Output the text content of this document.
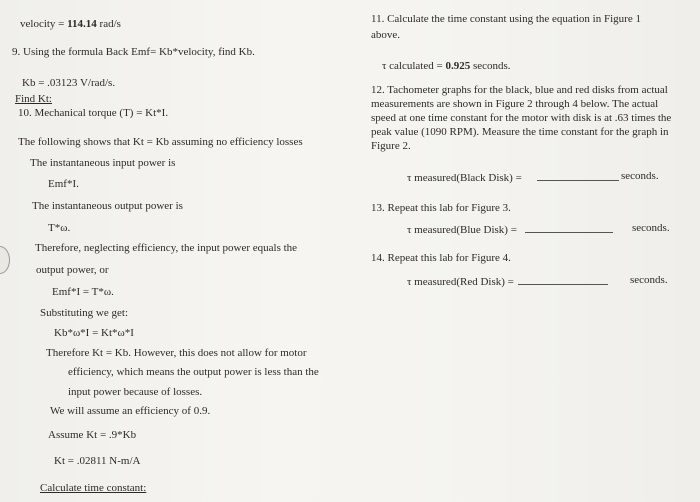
velocity = 114.14 rad/s
9. Using the formula Back Emf= Kb*velocity, find Kb.
Kb = .03123 V/rad/s.
Find Kt:
10. Mechanical torque (T) = Kt*I.
The following shows that Kt = Kb assuming no efficiency losses
The instantaneous input power is
Emf*I.
The instantaneous output power is
T*ω.
Therefore, neglecting efficiency, the input power equals the
output power, or
Emf*I = T*ω.
Substituting we get:
Kb*ω*I = Kt*ω*I
Therefore Kt = Kb. However, this does not allow for motor
efficiency, which means the output power is less than the
input power because of losses.
We will assume an efficiency of 0.9.
Assume Kt = .9*Kb
Kt = .02811 N-m/A
Calculate time constant:
11. Calculate the time constant using the equation in Figure 1
above.
τ calculated = 0.925 seconds.
12. Tachometer graphs for the black, blue and red disks from actual
measurements are shown in Figure 2 through 4 below. The actual
speed at one time constant for the motor with disk is at .63 times the
peak value (1090 RPM). Measure the time constant for the graph in
Figure 2.
τ measured(Black Disk) =	seconds.
13. Repeat this lab for Figure 3.
τ measured(Blue Disk) =	seconds.
14. Repeat this lab for Figure 4.
τ measured(Red Disk) =	seconds.
